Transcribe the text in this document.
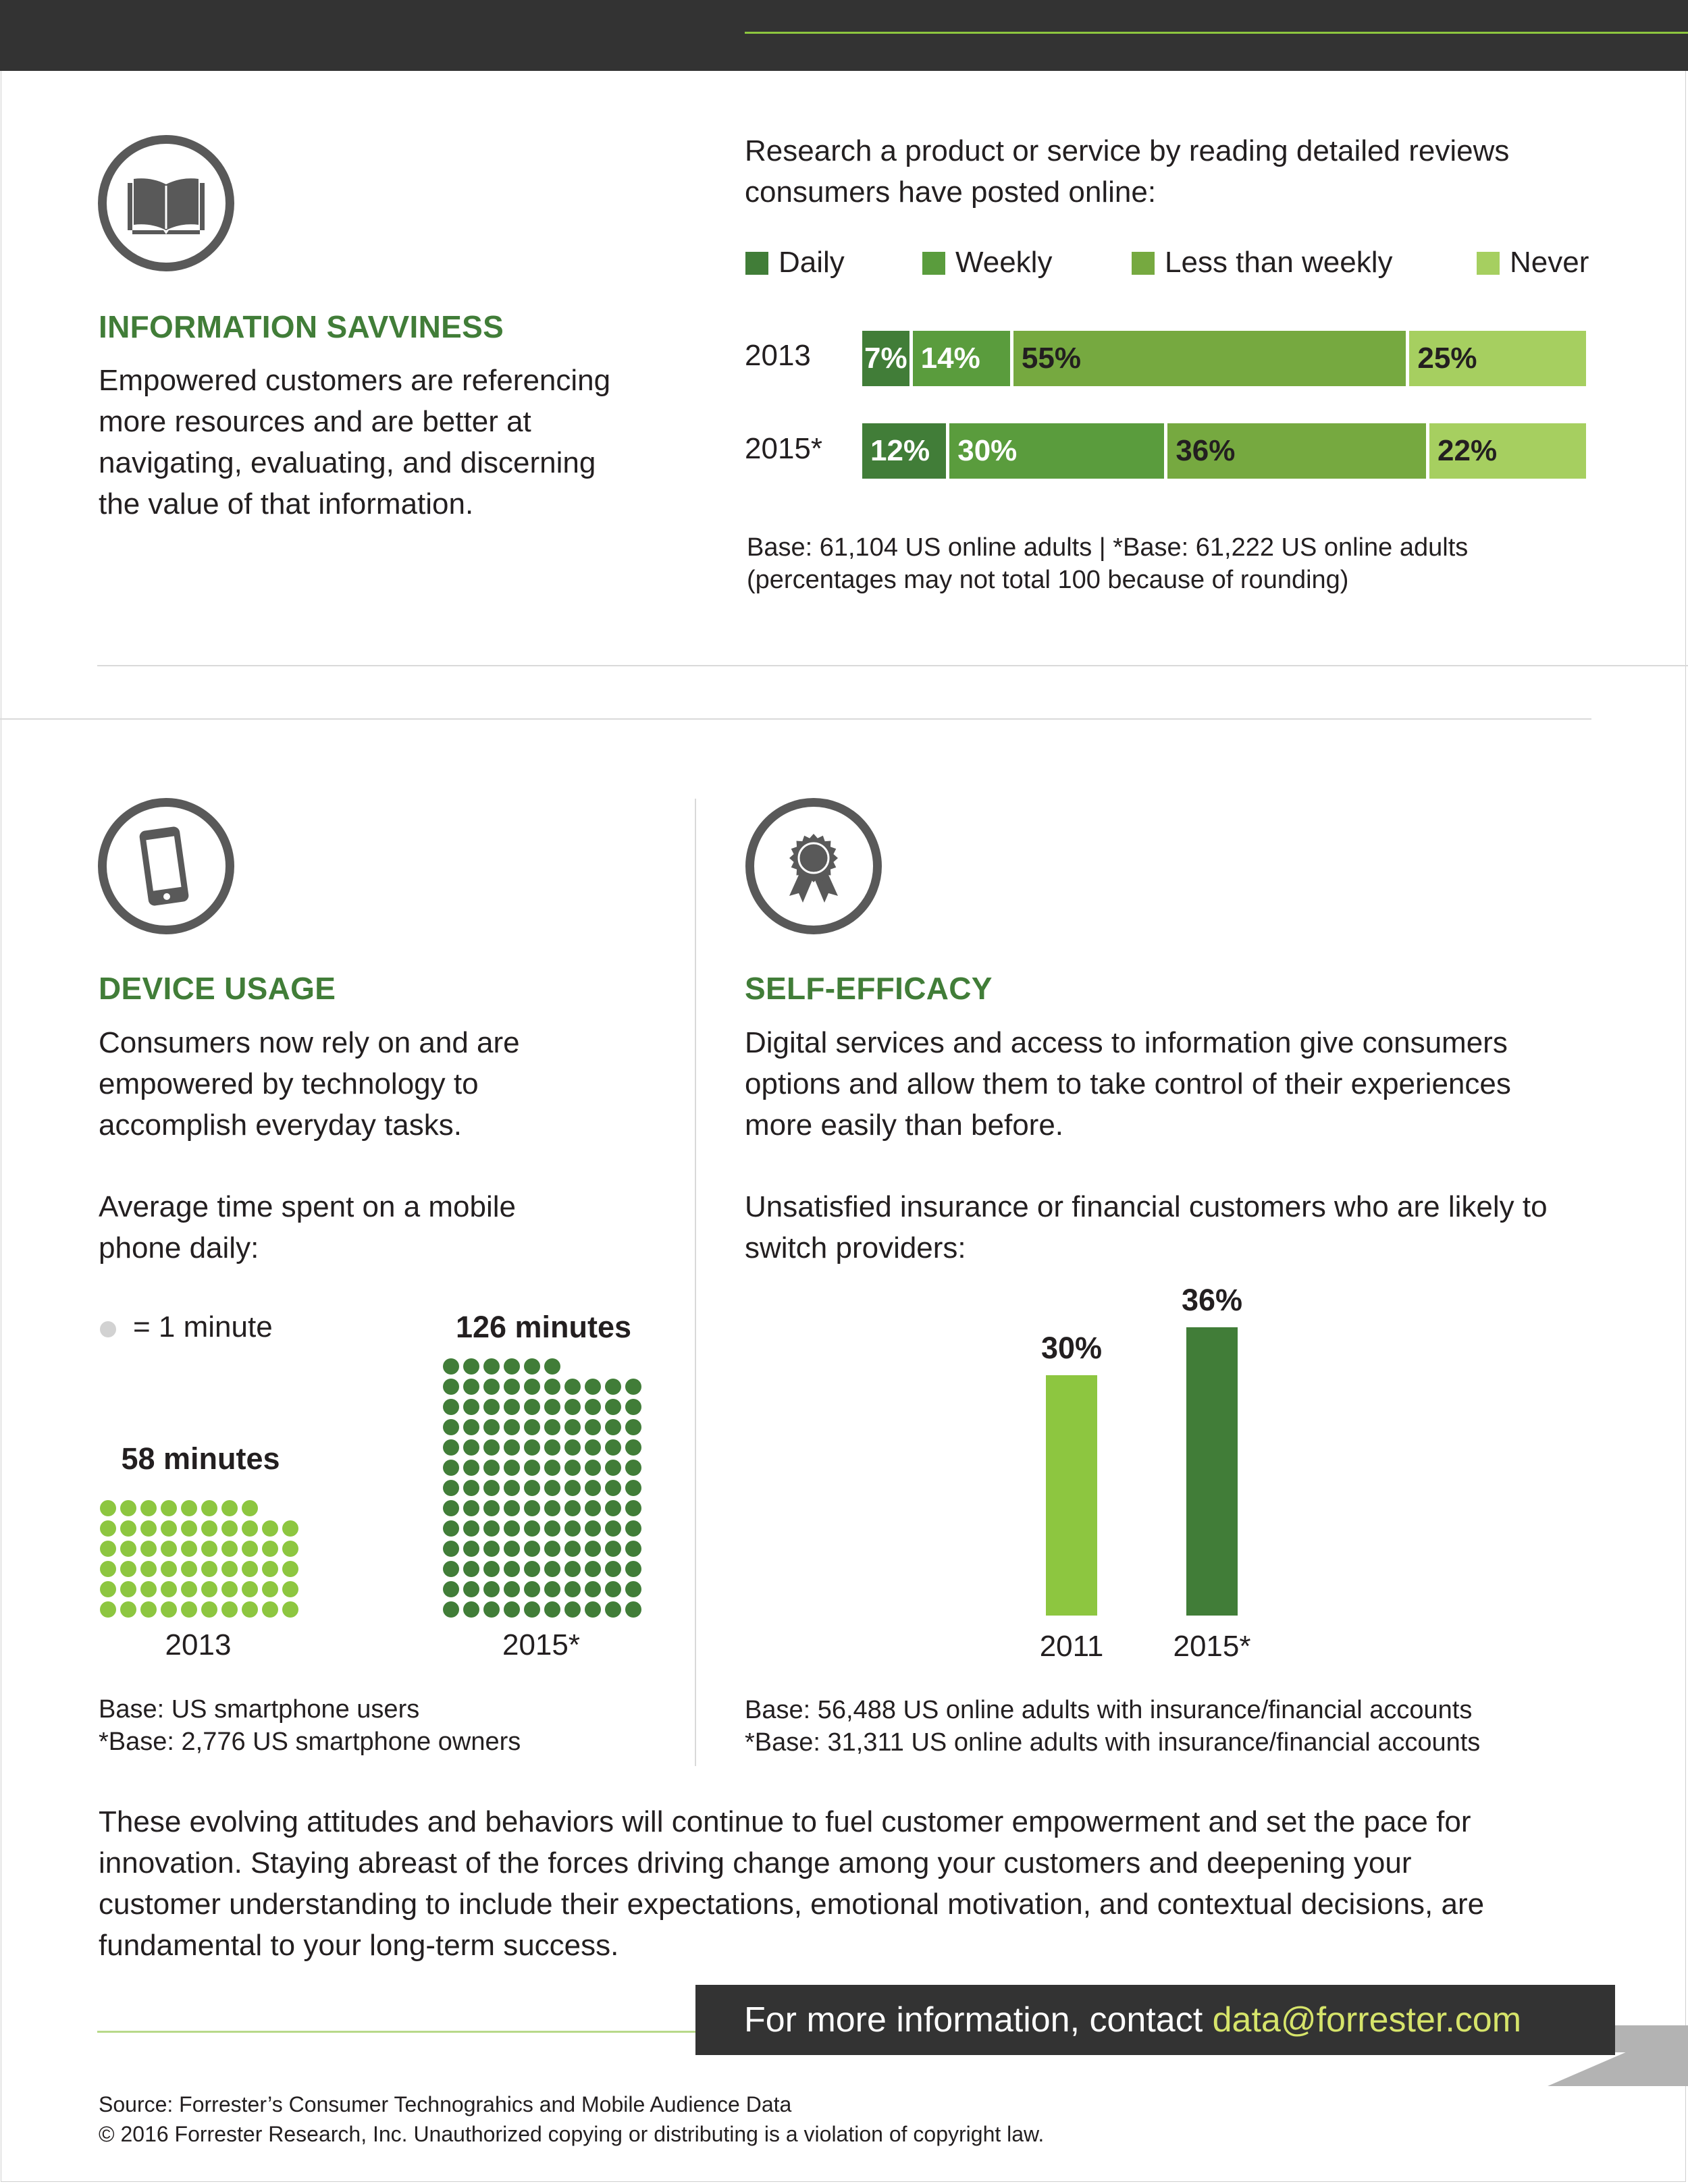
INFORMATION SAVVINESS
Empowered customers are referencing
more resources and are better at
navigating, evaluating, and discerning
the value of that information.
Research a product or service by reading detailed reviews
consumers have posted online:
Daily	Weekly	Less than weekly	Never
2013
2015*
7% 14%	55%	25%
12% 30%	36%	22%
Base: 61,104 US online adults | *Base: 61,222 US online adults
(percentages may not total 100 because of rounding)
DEVICE USAGE
Consumers now rely on and are
empowered by technology to
accomplish everyday tasks.
Average time spent on a mobile
phone daily:
= 1 minute
58 minutes
126 minutes
2013	2015*
Base: US smartphone users
*Base: 2,776 US smartphone owners
SELF-EFFICACY
Digital services and access to information give consumers
options and allow them to take control of their experiences
more easily than before.
Unsatisfied insurance or financial customers who are likely to
switch providers:
30%
2011
36%
2015*
Base: 56,488 US online adults with insurance/financial accounts
*Base: 31,311 US online adults with insurance/financial accounts
These evolving attitudes and behaviors will continue to fuel customer empowerment and set the pace for
innovation. Staying abreast of the forces driving change among your customers and deepening your
customer understanding to include their expectations, emotional motivation, and contextual decisions, are
fundamental to your long-term success.
For more information, contact data@forrester.com
Source: Forrester’s Consumer Technograhics and Mobile Audience Data
© 2016 Forrester Research, Inc. Unauthorized copying or distributing is a violation of copyright law.
